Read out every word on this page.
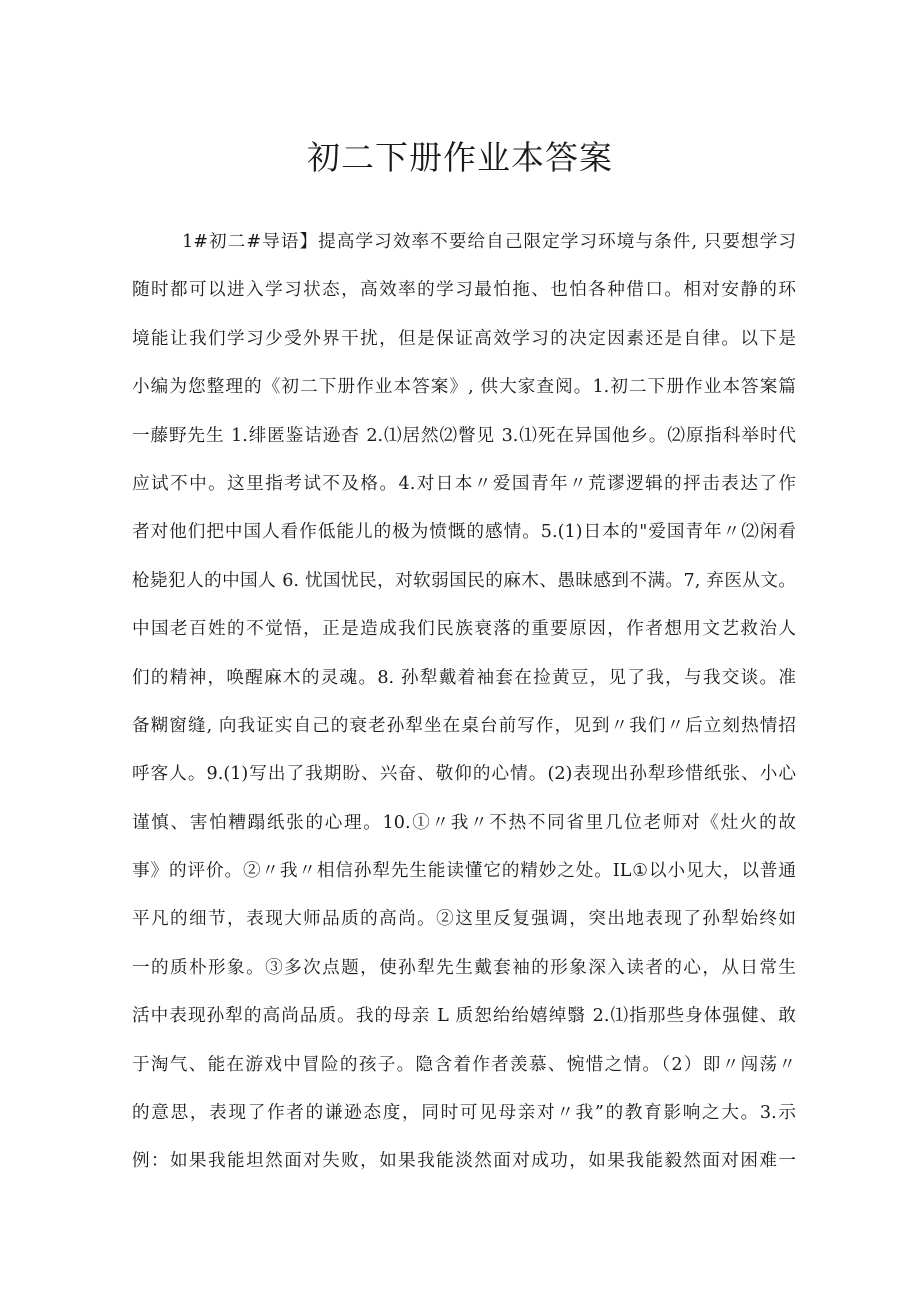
初二下册作业本答案
1#初二#导语】提高学习效率不要给自己限定学习环境与条件, 只要想学习
随时都可以进入学习状态，高效率的学习最怕拖、也怕各种借口。相对安静的环
境能让我们学习少受外界干扰，但是保证高效学习的决定因素还是自律。以下是
小编为您整理的《初二下册作业本答案》, 供大家查阅。1.初二下册作业本答案篇
一藤野先生 1.绯匿鉴诘逊杳 2.⑴居然⑵瞥见 3.⑴死在异国他乡。⑵原指科举时代
应试不中。这里指考试不及格。4.对日本〃爱国青年〃荒谬逻辑的抨击表达了作
者对他们把中国人看作低能儿的极为愤慨的感情。5.(1)日本的"爱国青年〃⑵闲看
枪毙犯人的中国人 6. 忧国忧民，对软弱国民的麻木、愚昧感到不满。7, 弃医从文。
中国老百姓的不觉悟，正是造成我们民族衰落的重要原因，作者想用文艺救治人
们的精神，唤醒麻木的灵魂。8. 孙犁戴着袖套在捡黄豆，见了我，与我交谈。准
备糊窗缝, 向我证实自己的衰老孙犁坐在桌台前写作，见到〃我们〃后立刻热情招
呼客人。9.(1)写出了我期盼、兴奋、敬仰的心情。(2)表现出孙犁珍惜纸张、小心
谨慎、害怕糟蹋纸张的心理。10.①〃我〃不热不同省里几位老师对《灶火的故
事》的评价。②〃我〃相信孙犁先生能读懂它的精妙之处。IL①以小见大，以普通
平凡的细节，表现大师品质的高尚。②这里反复强调，突出地表现了孙犁始终如
一的质朴形象。③多次点题，使孙犁先生戴套袖的形象深入读者的心，从日常生
活中表现孙犁的高尚品质。我的母亲 L 质恕绐绐嬉绰翳 2.⑴指那些身体强健、敢
于淘气、能在游戏中冒险的孩子。隐含着作者羡慕、惋惜之情。（2）即〃闯荡〃
的意思，表现了作者的谦逊态度，同时可见母亲对〃我”的教育影响之大。3.示
例：如果我能坦然面对失败，如果我能淡然面对成功，如果我能毅然面对困难一
